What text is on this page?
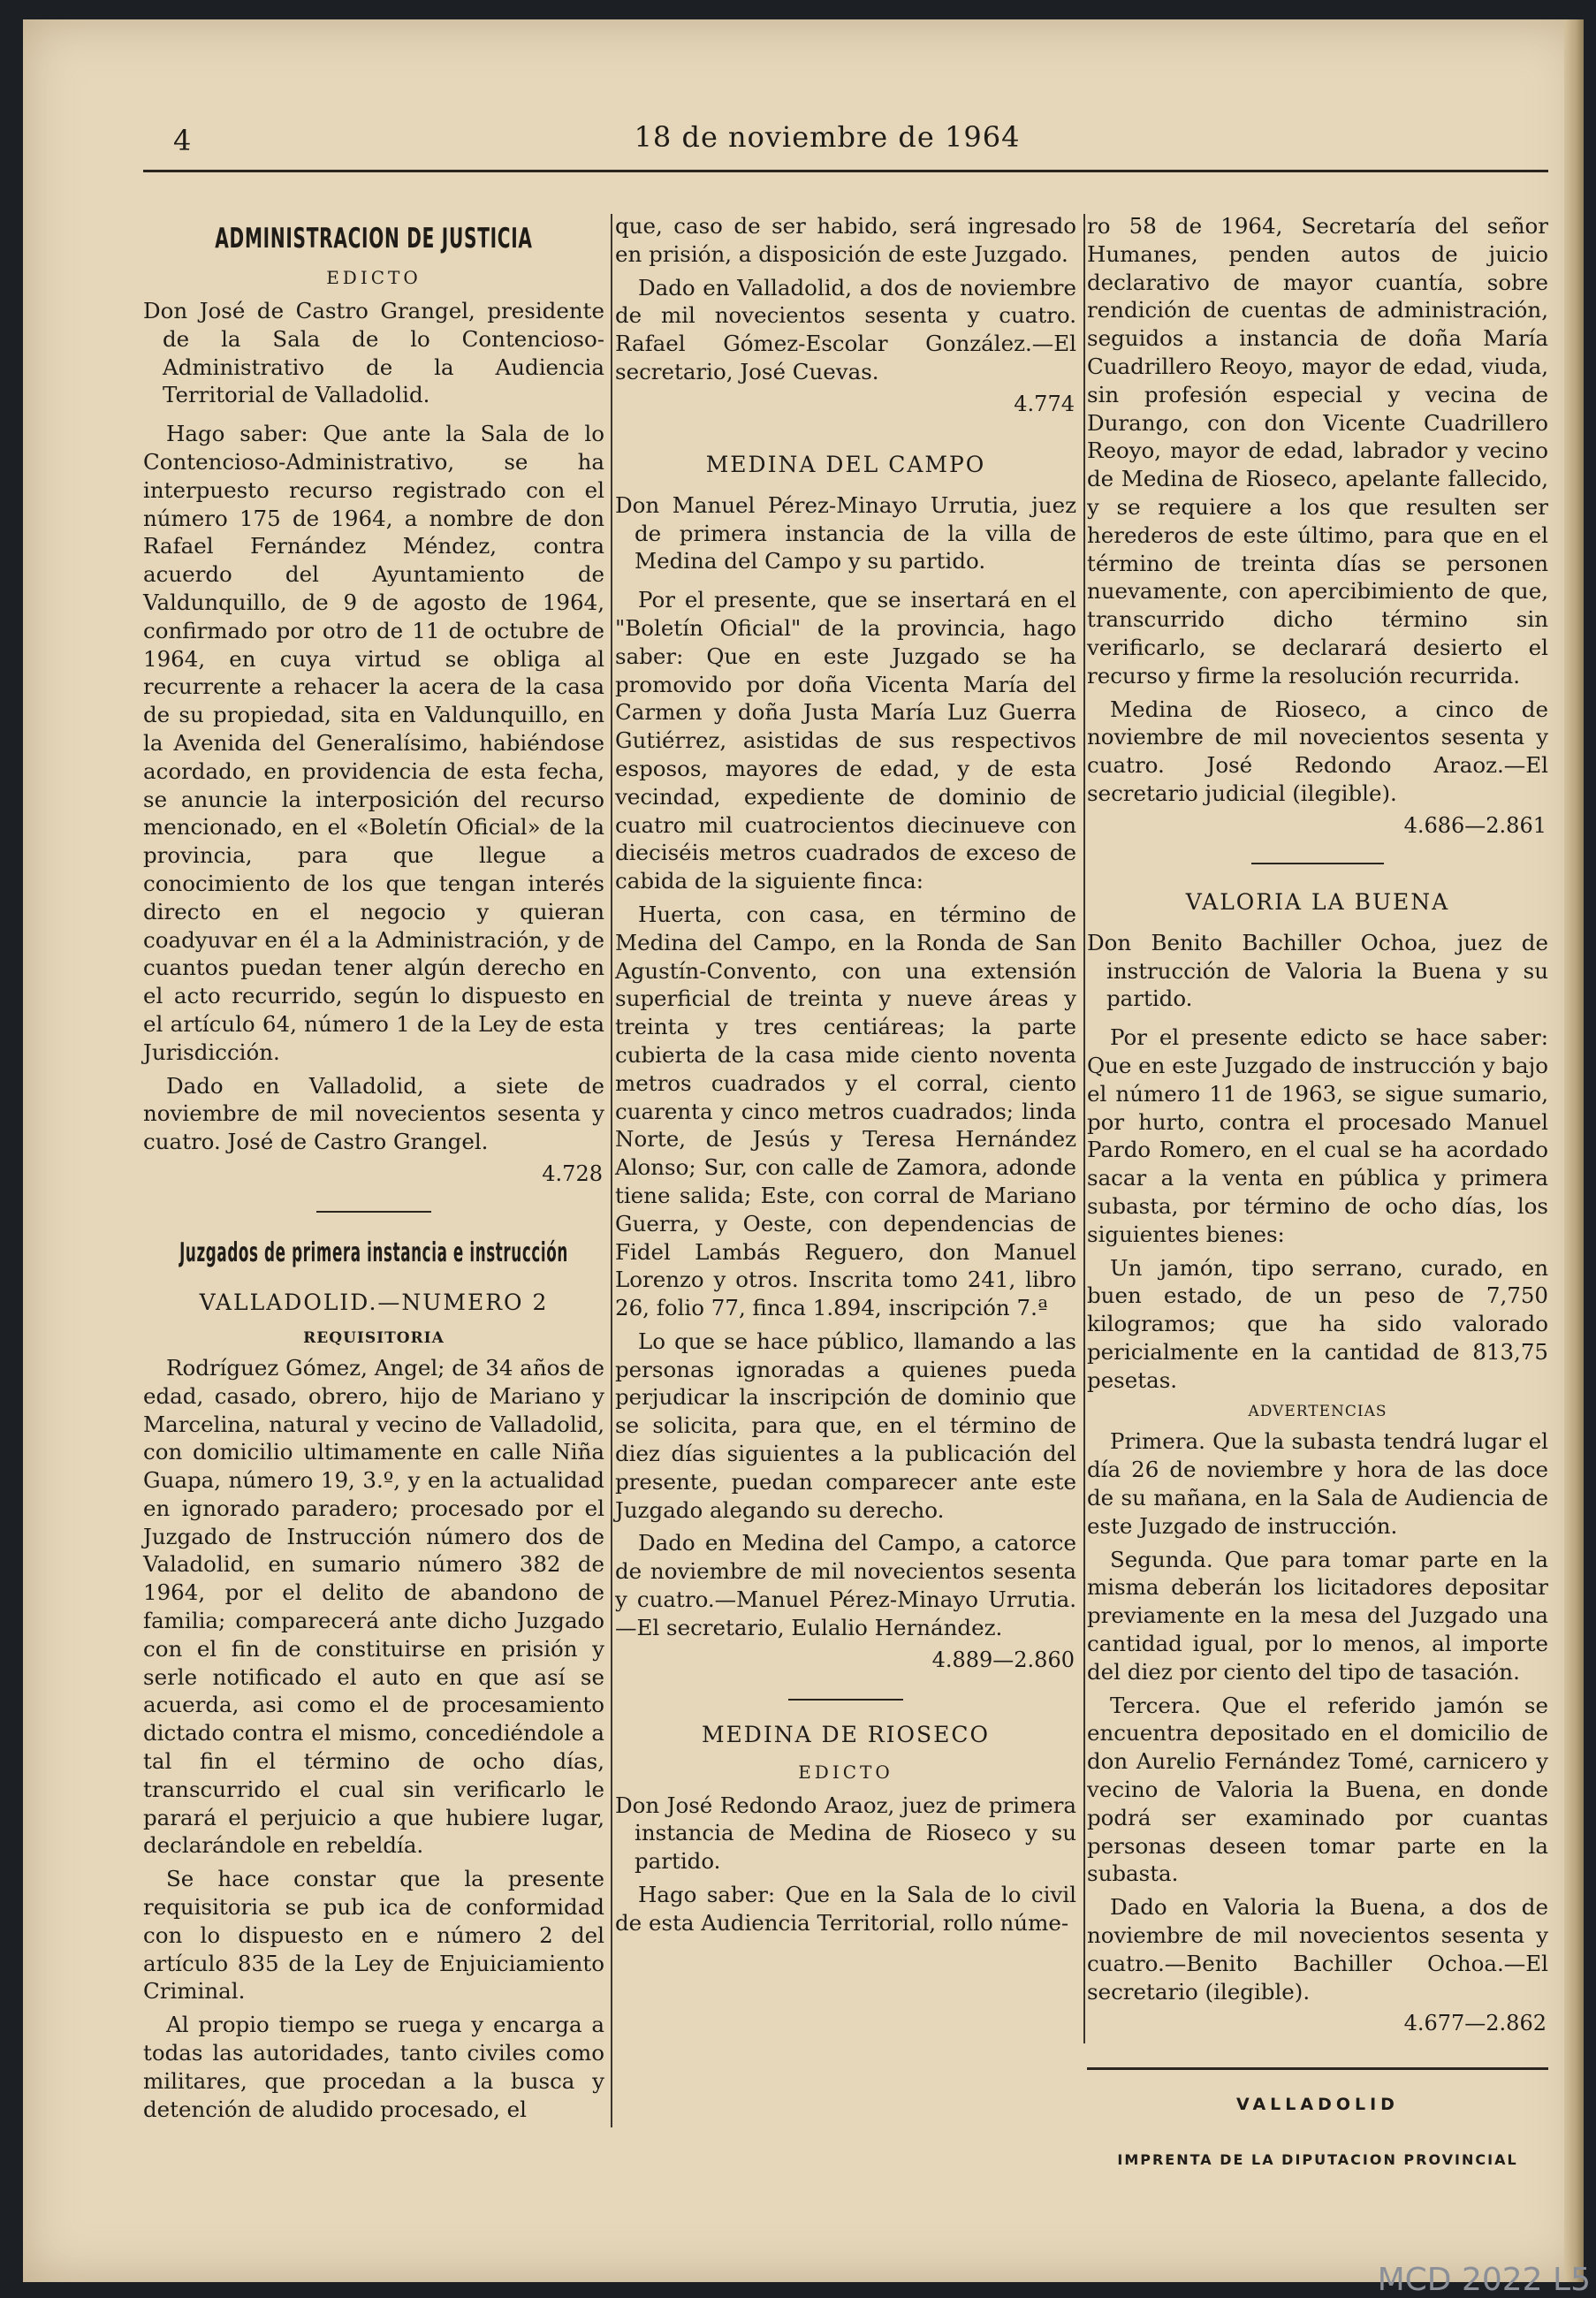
4	18 de noviembre de 1964
ADMINISTRACION DE JUSTICIA
EDICTO

Don José de Castro Grangel, presidente de la Sala de lo Contencioso-Administrativo de la Audiencia Territorial de Valladolid.

Hago saber: Que ante la Sala de lo Contencioso-Administrativo, se ha interpuesto recurso registrado con el número 175 de 1964, a nombre de don Rafael Fernández Méndez, contra acuerdo del Ayuntamiento de Valdunquillo, de 9 de agosto de 1964, confirmado por otro de 11 de octubre de 1964, en cuya virtud se obliga al recurrente a rehacer la acera de la casa de su propiedad, sita en Valdunquillo, en la Avenida del Generalísimo, habiéndose acordado, en providencia de esta fecha, se anuncie la interposición del recurso mencionado, en el «Boletín Oficial» de la provincia, para que llegue a conocimiento de los que tengan interés directo en el negocio y quieran coadyuvar en él a la Administración, y de cuantos puedan tener algún derecho en el acto recurrido, según lo dispuesto en el artículo 64, número 1 de la Ley de esta Jurisdicción.

Dado en Valladolid, a siete de noviembre de mil novecientos sesenta y cuatro. José de Castro Grangel.

4.728
Juzgados de primera instancia e instrucción
VALLADOLID.—NUMERO 2
REQUISITORIA

Rodríguez Gómez, Angel; de 34 años de edad, casado, obrero, hijo de Mariano y Marcelina, natural y vecino de Valladolid, con domicilio ultimamente en calle Niña Guapa, número 19, 3.º, y en la actualidad en ignorado paradero; procesado por el Juzgado de Instrucción número dos de Valadolid, en sumario número 382 de 1964, por el delito de abandono de familia; comparecerá ante dicho Juzgado con el fin de constituirse en prisión y serle notificado el auto en que así se acuerda, asi como el de procesamiento dictado contra el mismo, concediéndole a tal fin el término de ocho días, transcurrido el cual sin verificarlo le parará el perjuicio a que hubiere lugar, declarándole en rebeldía.

Se hace constar que la presente requisitoria se pub ica de conformidad con lo dispuesto en e número 2 del artículo 835 de la Ley de Enjuiciamiento Criminal.

Al propio tiempo se ruega y encarga a todas las autoridades, tanto civiles como militares, que procedan a la busca y detención de aludido procesado, el

que, caso de ser habido, será ingresado en prisión, a disposición de este Juzgado.

Dado en Valladolid, a dos de noviembre de mil novecientos sesenta y cuatro. Rafael Gómez-Escolar González.—El secretario, José Cuevas.

4.774
MEDINA DEL CAMPO

Don Manuel Pérez-Minayo Urrutia, juez de primera instancia de la villa de Medina del Campo y su partido.

Por el presente, que se insertará en el "Boletín Oficial" de la provincia, hago saber: Que en este Juzgado se ha promovido por doña Vicenta María del Carmen y doña Justa María Luz Guerra Gutiérrez, asistidas de sus respectivos esposos, mayores de edad, y de esta vecindad, expediente de dominio de cuatro mil cuatrocientos diecinueve con dieciséis metros cuadrados de exceso de cabida de la siguiente finca:

Huerta, con casa, en término de Medina del Campo, en la Ronda de San Agustín-Convento, con una extensión superficial de treinta y nueve áreas y treinta y tres centiáreas; la parte cubierta de la casa mide ciento noventa metros cuadrados y el corral, ciento cuarenta y cinco metros cuadrados; linda Norte, de Jesús y Teresa Hernández Alonso; Sur, con calle de Zamora, adonde tiene salida; Este, con corral de Mariano Guerra, y Oeste, con dependencias de Fidel Lambás Reguero, don Manuel Lorenzo y otros. Inscrita tomo 241, libro 26, folio 77, finca 1.894, inscripción 7.ª

Lo que se hace público, llamando a las personas ignoradas a quienes pueda perjudicar la inscripción de dominio que se solicita, para que, en el término de diez días siguientes a la publicación del presente, puedan comparecer ante este Juzgado alegando su derecho.

Dado en Medina del Campo, a catorce de noviembre de mil novecientos sesenta y cuatro.—Manuel Pérez-Minayo Urrutia.—El secretario, Eulalio Hernández.

4.889—2.860
MEDINA DE RIOSECO
EDICTO

Don José Redondo Araoz, juez de primera instancia de Medina de Rioseco y su partido.

Hago saber: Que en la Sala de lo civil de esta Audiencia Territorial, rollo núme-

ro 58 de 1964, Secretaría del señor Humanes, penden autos de juicio declarativo de mayor cuantía, sobre rendición de cuentas de administración, seguidos a instancia de doña María Cuadrillero Reoyo, mayor de edad, viuda, sin profesión especial y vecina de Durango, con don Vicente Cuadrillero Reoyo, mayor de edad, labrador y vecino de Medina de Rioseco, apelante fallecido, y se requiere a los que resulten ser herederos de este último, para que en el término de treinta días se personen nuevamente, con apercibimiento de que, transcurrido dicho término sin verificarlo, se declarará desierto el recurso y firme la resolución recurrida.

Medina de Rioseco, a cinco de noviembre de mil novecientos sesenta y cuatro. José Redondo Araoz.—El secretario judicial (ilegible).

4.686—2.861
VALORIA LA BUENA

Don Benito Bachiller Ochoa, juez de instrucción de Valoria la Buena y su partido.

Por el presente edicto se hace saber: Que en este Juzgado de instrucción y bajo el número 11 de 1963, se sigue sumario, por hurto, contra el procesado Manuel Pardo Romero, en el cual se ha acordado sacar a la venta en pública y primera subasta, por término de ocho días, los siguientes bienes:

Un jamón, tipo serrano, curado, en buen estado, de un peso de 7,750 kilogramos; que ha sido valorado pericialmente en la cantidad de 813,75 pesetas.

ADVERTENCIAS

Primera. Que la subasta tendrá lugar el día 26 de noviembre y hora de las doce de su mañana, en la Sala de Audiencia de este Juzgado de instrucción.

Segunda. Que para tomar parte en la misma deberán los licitadores depositar previamente en la mesa del Juzgado una cantidad igual, por lo menos, al importe del diez por ciento del tipo de tasación.

Tercera. Que el referido jamón se encuentra depositado en el domicilio de don Aurelio Fernández Tomé, carnicero y vecino de Valoria la Buena, en donde podrá ser examinado por cuantas personas deseen tomar parte en la subasta.

Dado en Valoria la Buena, a dos de noviembre de mil novecientos sesenta y cuatro.—Benito Bachiller Ochoa.—El secretario (ilegible).

4.677—2.862
VALLADOLID
IMPRENTA DE LA DIPUTACION PROVINCIAL
MCD 2022 L5
